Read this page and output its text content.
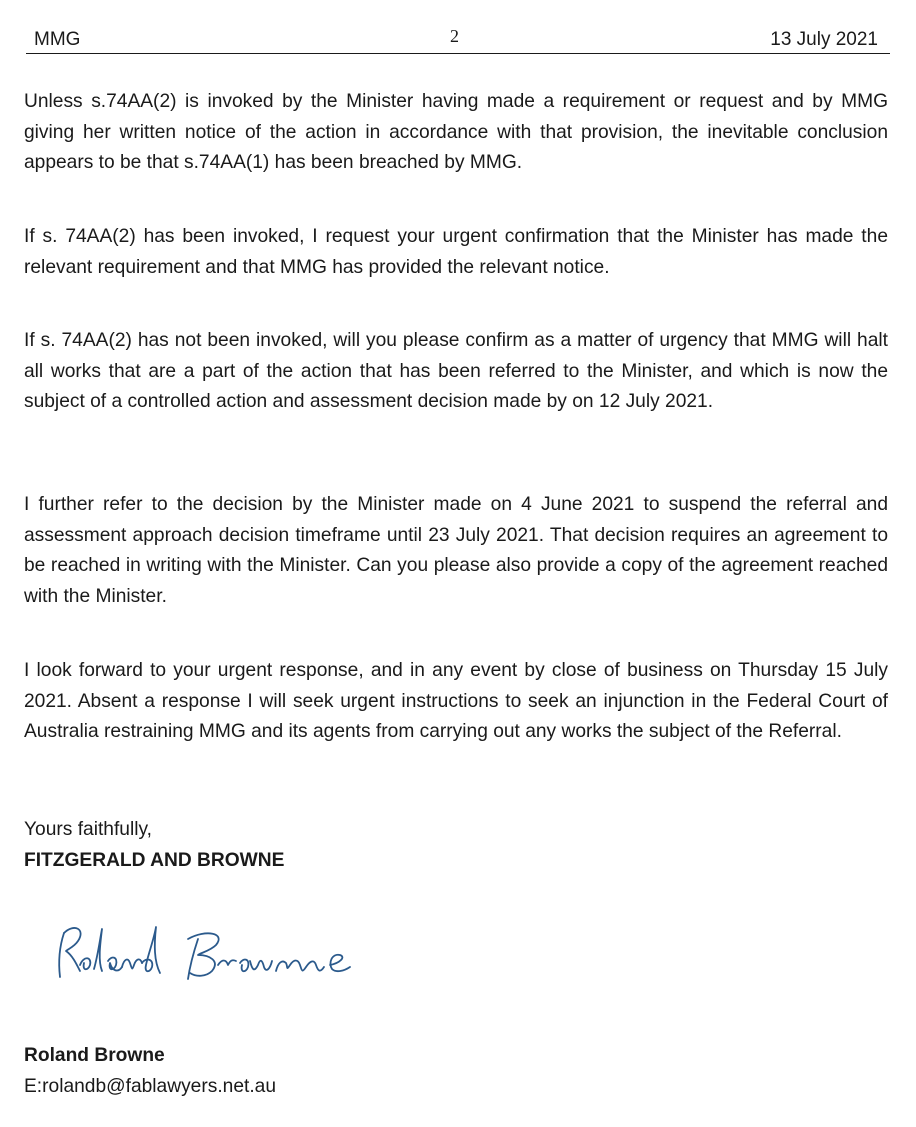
MMG	2	13 July 2021

Unless s.74AA(2) is invoked by the Minister having made a requirement or request and by MMG giving her written notice of the action in accordance with that provision, the inevitable conclusion appears to be that s.74AA(1) has been breached by MMG.

If s. 74AA(2) has been invoked, I request your urgent confirmation that the Minister has made the relevant requirement and that MMG has provided the relevant notice.

If s. 74AA(2) has not been invoked, will you please confirm as a matter of urgency that MMG will halt all works that are a part of the action that has been referred to the Minister, and which is now the subject of a controlled action and assessment decision made by on 12 July 2021.

I further refer to the decision by the Minister made on 4 June 2021 to suspend the referral and assessment approach decision timeframe until 23 July 2021. That decision requires an agreement to be reached in writing with the Minister. Can you please also provide a copy of the agreement reached with the Minister.

I look forward to your urgent response, and in any event by close of business on Thursday 15 July 2021. Absent a response I will seek urgent instructions to seek an injunction in the Federal Court of Australia restraining MMG and its agents from carrying out any works the subject of the Referral.

Yours faithfully,
FITZGERALD AND BROWNE
Roland Browne
E:rolandb@fablawyers.net.au
